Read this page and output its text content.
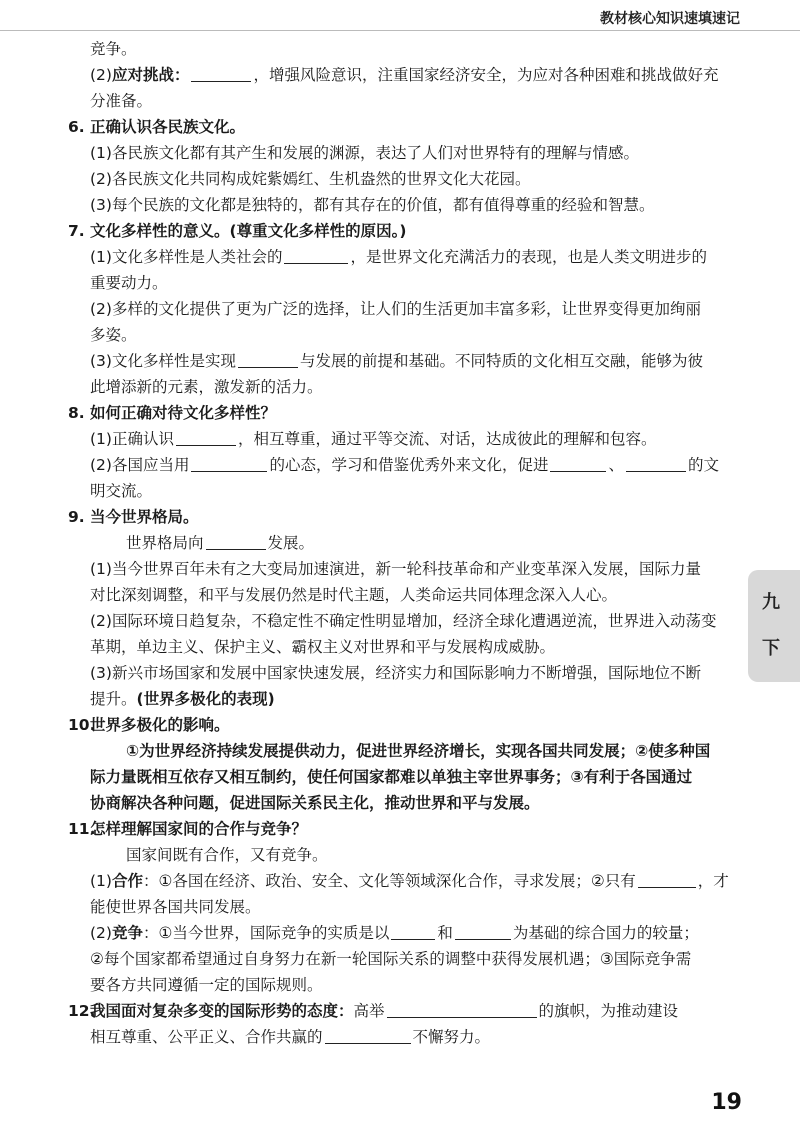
教材核心知识速填速记
竞争。
(2)应对挑战：	，增强风险意识，注重国家经济安全，为应对各种困难和挑战做好充
分准备。
6. 正确认识各民族文化。
(1)各民族文化都有其产生和发展的渊源，表达了人们对世界特有的理解与情感。
(2)各民族文化共同构成姹紫嫣红、生机盎然的世界文化大花园。
(3)每个民族的文化都是独特的，都有其存在的价值，都有值得尊重的经验和智慧。
7. 文化多样性的意义。(尊重文化多样性的原因。)
(1)文化多样性是人类社会的	，是世界文化充满活力的表现，也是人类文明进步的
重要动力。
(2)多样的文化提供了更为广泛的选择，让人们的生活更加丰富多彩，让世界变得更加绚丽
多姿。
(3)文化多样性是实现	与发展的前提和基础。不同特质的文化相互交融，能够为彼
此增添新的元素，激发新的活力。
8. 如何正确对待文化多样性？
(1)正确认识	，相互尊重，通过平等交流、对话，达成彼此的理解和包容。
(2)各国应当用	的心态，学习和借鉴优秀外来文化，促进	、	的文
明交流。
9. 当今世界格局。
世界格局向	发展。
(1)当今世界百年未有之大变局加速演进，新一轮科技革命和产业变革深入发展，国际力量
对比深刻调整，和平与发展仍然是时代主题，人类命运共同体理念深入人心。
(2)国际环境日趋复杂，不稳定性不确定性明显增加，经济全球化遭遇逆流，世界进入动荡变
革期，单边主义、保护主义、霸权主义对世界和平与发展构成威胁。
(3)新兴市场国家和发展中国家快速发展，经济实力和国际影响力不断增强，国际地位不断
提升。(世界多极化的表现)
10.世界多极化的影响。
①为世界经济持续发展提供动力，促进世界经济增长，实现各国共同发展；②使多种国
际力量既相互依存又相互制约，使任何国家都难以单独主宰世界事务；③有利于各国通过
协商解决各种问题，促进国际关系民主化，推动世界和平与发展。
11.怎样理解国家间的合作与竞争？
国家间既有合作，又有竞争。
(1)合作：①各国在经济、政治、安全、文化等领域深化合作，寻求发展；②只有	，才
能使世界各国共同发展。
(2)竞争：①当今世界，国际竞争的实质是以	和	为基础的综合国力的较量；
②每个国家都希望通过自身努力在新一轮国际关系的调整中获得发展机遇；③国际竞争需
要各方共同遵循一定的国际规则。
12.我国面对复杂多变的国际形势的态度：高举	的旗帜，为推动建设
相互尊重、公平正义、合作共赢的	不懈努力。
九
下
19
